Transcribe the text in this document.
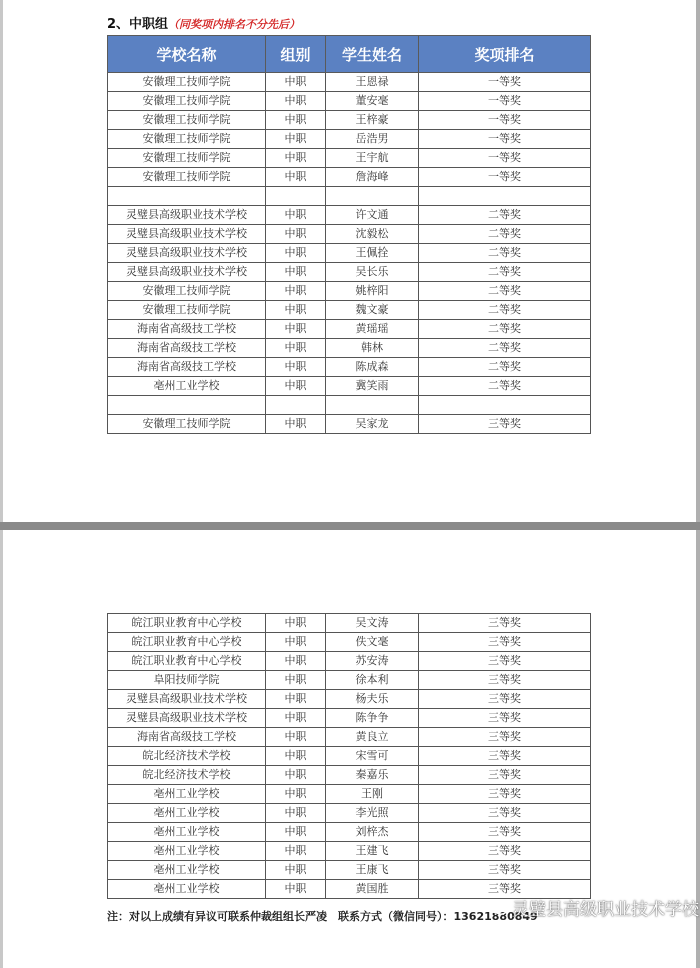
2、中职组（同奖项内排名不分先后）
学校名称	组别	学生姓名	奖项排名
安徽理工技师学院	中职	王恩禄	一等奖
安徽理工技师学院	中职	董安毫	一等奖
安徽理工技师学院	中职	王梓豪	一等奖
安徽理工技师学院	中职	岳浩男	一等奖
安徽理工技师学院	中职	王宇航	一等奖
安徽理工技师学院	中职	詹海峰	一等奖

灵璧县高级职业技术学校	中职	许文通	二等奖
灵璧县高级职业技术学校	中职	沈毅松	二等奖
灵璧县高级职业技术学校	中职	王佩拴	二等奖
灵璧县高级职业技术学校	中职	吴长乐	二等奖
安徽理工技师学院	中职	姚梓阳	二等奖
安徽理工技师学院	中职	魏文豪	二等奖
海南省高级技工学校	中职	黄瑶瑶	二等奖
海南省高级技工学校	中职	韩林	二等奖
海南省高级技工学校	中职	陈成森	二等奖
亳州工业学校	中职	冀笑雨	二等奖

安徽理工技师学院	中职	吴家龙	三等奖
皖江职业教育中心学校	中职	吴文涛	三等奖
皖江职业教育中心学校	中职	佚文毫	三等奖
皖江职业教育中心学校	中职	苏安涛	三等奖
阜阳技师学院	中职	徐本利	三等奖
灵璧县高级职业技术学校	中职	杨夫乐	三等奖
灵璧县高级职业技术学校	中职	陈争争	三等奖
海南省高级技工学校	中职	黄良立	三等奖
皖北经济技术学校	中职	宋雪可	三等奖
皖北经济技术学校	中职	秦嘉乐	三等奖
亳州工业学校	中职	王刚	三等奖
亳州工业学校	中职	李光照	三等奖
亳州工业学校	中职	刘梓杰	三等奖
亳州工业学校	中职	王建飞	三等奖
亳州工业学校	中职	王康飞	三等奖
亳州工业学校	中职	黄国胜	三等奖
注：对以上成绩有异议可联系仲裁组组长严凌　联系方式（微信同号）：13621880849
灵璧县高级职业技术学校
